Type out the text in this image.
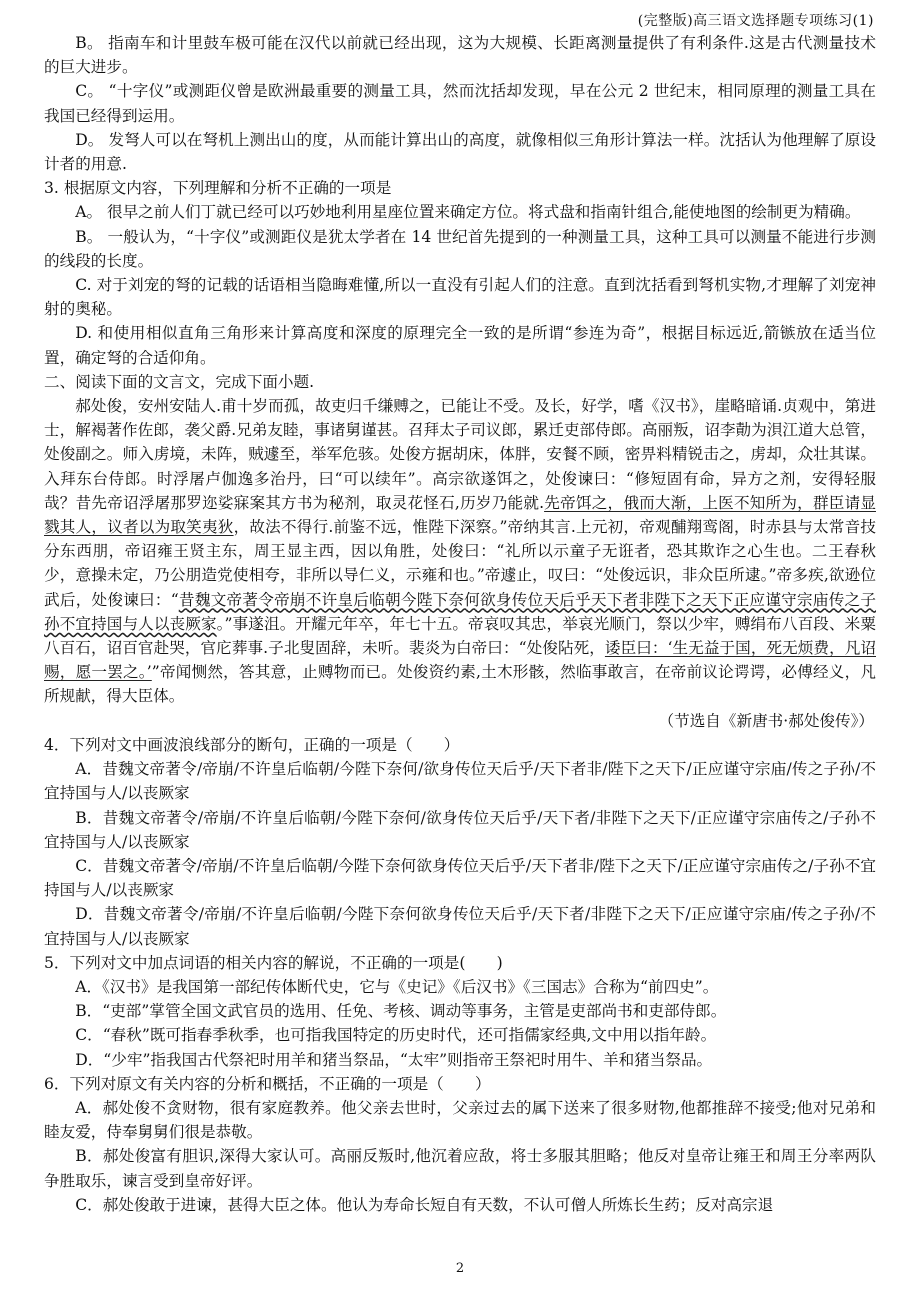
(完整版)高三语文选择题专项练习(1)

B。 指南车和计里鼓车极可能在汉代以前就已经出现，这为大规模、长距离测量提供了有利条件.这是古代测量技术的巨大进步。

C。 “十字仪”或测距仪曾是欧洲最重要的测量工具，然而沈括却发现，早在公元 2 世纪末，相同原理的测量工具在我国已经得到运用。

D。 发弩人可以在弩机上测出山的度，从而能计算出山的高度，就像相似三角形计算法一样。沈括认为他理解了原设计者的用意.

3. 根据原文内容，下列理解和分析不正确的一项是

A。 很早之前人们丁就已经可以巧妙地利用星座位置来确定方位。将式盘和指南针组合,能使地图的绘制更为精确。

B。 一般认为，“十字仪”或测距仪是犹太学者在 14 世纪首先提到的一种测量工具，这种工具可以测量不能进行步测的线段的长度。

C. 对于刘宠的弩的记载的话语相当隐晦难懂,所以一直没有引起人们的注意。直到沈括看到弩机实物,才理解了刘宠神射的奥秘。

D. 和使用相似直角三角形来计算高度和深度的原理完全一致的是所谓“参连为奇”，根据目标远近,箭镞放在适当位置，确定弩的合适仰角。

二、阅读下面的文言文，完成下面小题.

郝处俊，安州安陆人.甫十岁而孤，故吏归千缣赙之，已能让不受。及长，好学，嗜《汉书》，崖略暗诵.贞观中，第进士，解褐著作佐郎，袭父爵.兄弟友睦，事诸舅谨甚。召拜太子司议郎，累迁吏部侍郎。高丽叛，诏李勣为浿江道大总管，处俊副之。师入虏境，未阵，贼遽至，举军危骇。处俊方据胡床，体胖，安餐不顾，密畀料精锐击之，虏却，众壮其谋。入拜东台侍郎。时浮屠卢伽逸多治丹，曰“可以续年”。高宗欲遂饵之，处俊谏曰：“修短固有命，异方之剂，安得轻服哉？昔先帝诏浮屠那罗迩娑寐案其方书为秘剂，取灵花怪石,历岁乃能就.先帝饵之，俄而大渐，上医不知所为，群臣请显戮其人，议者以为取笑夷狄，故法不得行.前鉴不远，惟陛下深察。”帝纳其言.上元初，帝观酺翔鸾阁，时赤县与太常音技分东西朋，帝诏雍王贤主东，周王显主西，因以角胜，处俊曰：“礼所以示童子无诳者，恐其欺诈之心生也。二王春秋少，意操未定，乃公朋造党使相夸，非所以导仁义，示雍和也。”帝遽止，叹曰：“处俊远识，非众臣所逮。”帝多疾,欲逊位武后，处俊谏曰：“昔魏文帝著令帝崩不许皇后临朝今陛下奈何欲身传位天后乎天下者非陛下之天下正应谨守宗庙传之子孙不宜持国与人以丧厥家。”事遂沮。开耀元年卒，年七十五。帝哀叹其忠，举哀光顺门，祭以少牢，赙绢布八百段、米粟八百石，诏百官赴哭，官庀葬事.子北叟固辞，未听。裴炎为白帝曰：“处俊阽死，诿臣曰：‘生无益于国，死无烦费，凡诏赐，愿一罢之。’”帝闻恻然，答其意，止赙物而已。处俊资约素,土木形骸，然临事敢言，在帝前议论谔谔，必傅经义，凡所规献，得大臣体。

（节选自《新唐书·郝处俊传》）

4．下列对文中画波浪线部分的断句，正确的一项是（　　）

A．昔魏文帝著令/帝崩/不许皇后临朝/今陛下奈何/欲身传位天后乎/天下者非/陛下之天下/正应谨守宗庙/传之子孙/不宜持国与人/以丧厥家

B．昔魏文帝著令/帝崩/不许皇后临朝/今陛下奈何/欲身传位天后乎/天下者/非陛下之天下/正应谨守宗庙传之/子孙不宜持国与人/以丧厥家

C．昔魏文帝著令/帝崩/不许皇后临朝/今陛下奈何欲身传位天后乎/天下者非/陛下之天下/正应谨守宗庙传之/子孙不宜持国与人/以丧厥家

D．昔魏文帝著令/帝崩/不许皇后临朝/今陛下奈何欲身传位天后乎/天下者/非陛下之天下/正应谨守宗庙/传之子孙/不宜持国与人/以丧厥家

5．下列对文中加点词语的相关内容的解说，不正确的一项是(　　)

A．《汉书》是我国第一部纪传体断代史，它与《史记》《后汉书》《三国志》合称为“前四史”。

B．“吏部”掌管全国文武官员的选用、任免、考核、调动等事务，主管是吏部尚书和吏部侍郎。

C．“春秋”既可指春季秋季，也可指我国特定的历史时代，还可指儒家经典,文中用以指年龄。

D．“少牢”指我国古代祭祀时用羊和猪当祭品，“太牢”则指帝王祭祀时用牛、羊和猪当祭品。

6．下列对原文有关内容的分析和概括，不正确的一项是（　　）

A．郝处俊不贪财物，很有家庭教养。他父亲去世时，父亲过去的属下送来了很多财物,他都推辞不接受;他对兄弟和睦友爱，侍奉舅舅们很是恭敬。

B．郝处俊富有胆识,深得大家认可。高丽反叛时,他沉着应敌，将士多服其胆略；他反对皇帝让雍王和周王分率两队争胜取乐，谏言受到皇帝好评。

C．郝处俊敢于进谏，甚得大臣之体。他认为寿命长短自有天数，不认可僧人所炼长生药；反对高宗退

2
